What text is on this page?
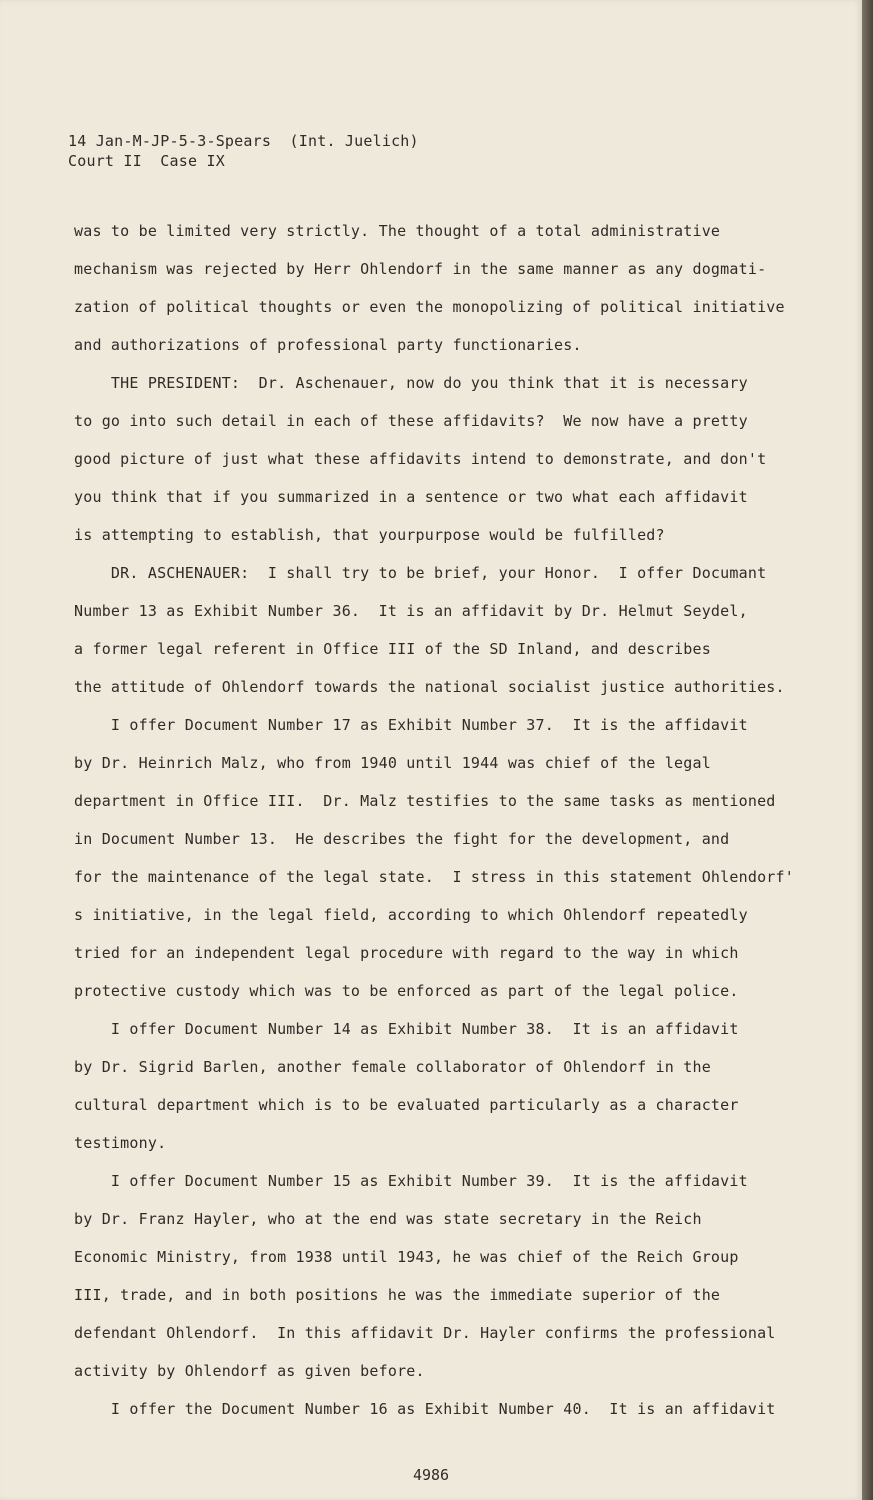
14 Jan-M-JP-5-3-Spears  (Int. Juelich)
Court II  Case IX
was to be limited very strictly. The thought of a total administrative
mechanism was rejected by Herr Ohlendorf in the same manner as any dogmati-
zation of political thoughts or even the monopolizing of political initiative
and authorizations of professional party functionaries.
THE PRESIDENT:  Dr. Aschenauer, now do you think that it is necessary
to go into such detail in each of these affidavits?  We now have a pretty
good picture of just what these affidavits intend to demonstrate, and don't
you think that if you summarized in a sentence or two what each affidavit
is attempting to establish, that yourpurpose would be fulfilled?
DR. ASCHENAUER:  I shall try to be brief, your Honor.  I offer Documant
Number 13 as Exhibit Number 36.  It is an affidavit by Dr. Helmut Seydel,
a former legal referent in Office III of the SD Inland, and describes
the attitude of Ohlendorf towards the national socialist justice authorities.
I offer Document Number 17 as Exhibit Number 37.  It is the affidavit
by Dr. Heinrich Malz, who from 1940 until 1944 was chief of the legal
department in Office III.  Dr. Malz testifies to the same tasks as mentioned
in Document Number 13.  He describes the fight for the development, and
for the maintenance of the legal state.  I stress in this statement Ohlendorf'
s initiative, in the legal field, according to which Ohlendorf repeatedly
tried for an independent legal procedure with regard to the way in which
protective custody which was to be enforced as part of the legal police.
I offer Document Number 14 as Exhibit Number 38.  It is an affidavit
by Dr. Sigrid Barlen, another female collaborator of Ohlendorf in the
cultural department which is to be evaluated particularly as a character
testimony.
I offer Document Number 15 as Exhibit Number 39.  It is the affidavit
by Dr. Franz Hayler, who at the end was state secretary in the Reich
Economic Ministry, from 1938 until 1943, he was chief of the Reich Group
III, trade, and in both positions he was the immediate superior of the
defendant Ohlendorf.  In this affidavit Dr. Hayler confirms the professional
activity by Ohlendorf as given before.
I offer the Document Number 16 as Exhibit Number 40.  It is an affidavit
4986
